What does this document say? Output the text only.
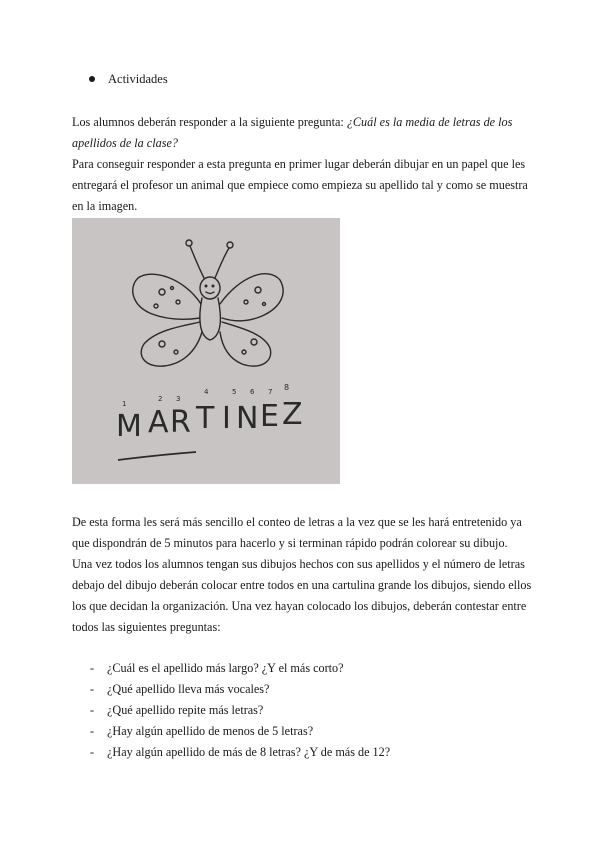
Actividades
Los alumnos deberán responder a la siguiente pregunta: ¿Cuál es la media de letras de los apellidos de la clase?
Para conseguir responder a esta pregunta en primer lugar deberán dibujar en un papel que les entregará el profesor un animal que empiece como empieza su apellido tal y como se muestra en la imagen.
1
2 3
4	5 6 7 8
M A R T I N E Z
De esta forma les será más sencillo el conteo de letras a la vez que se les hará entretenido ya que dispondrán de 5 minutos para hacerlo y si terminan rápido podrán colorear su dibujo.
Una vez todos los alumnos tengan sus dibujos hechos con sus apellidos y el número de letras debajo del dibujo deberán colocar entre todos en una cartulina grande los dibujos, siendo ellos los que decidan la organización. Una vez hayan colocado los dibujos, deberán contestar entre todos las siguientes preguntas:
- ¿Cuál es el apellido más largo? ¿Y el más corto?
- ¿Qué apellido lleva más vocales?
- ¿Qué apellido repite más letras?
- ¿Hay algún apellido de menos de 5 letras?
- ¿Hay algún apellido de más de 8 letras? ¿Y de más de 12?
